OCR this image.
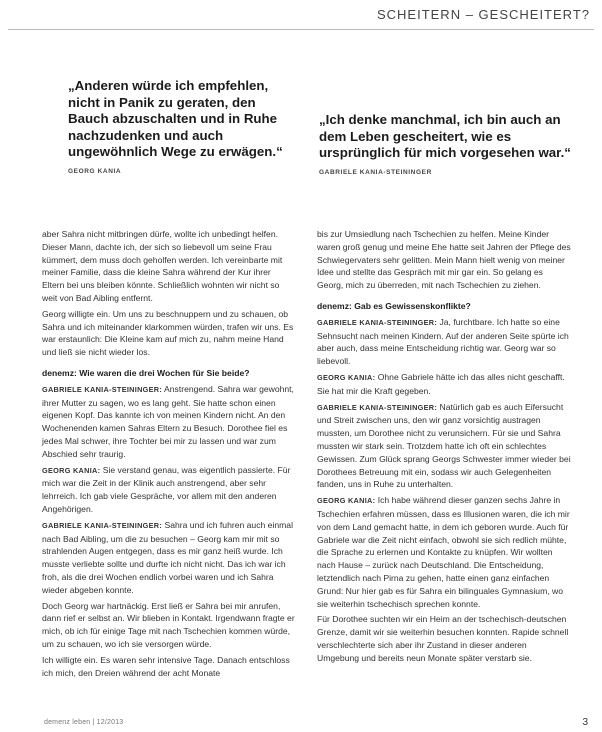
SCHEITERN – GESCHEITERT?
„Anderen würde ich empfehlen, nicht in Panik zu geraten, den Bauch abzuschalten und in Ruhe nachzudenken und auch ungewöhnlich Wege zu erwägen.“
GEORG KANIA
„Ich denke manchmal, ich bin auch an dem Leben gescheitert, wie es ursprünglich für mich vorgesehen war.“
GABRIELE KANIA-STEININGER

aber Sahra nicht mitbringen dürfe, wollte ich unbedingt helfen. Dieser Mann, dachte ich, der sich so liebevoll um seine Frau kümmert, dem muss doch geholfen werden. Ich vereinbarte mit meiner Familie, dass die kleine Sahra während der Kur ihrer Eltern bei uns bleiben könnte. Schließlich wohnten wir nicht so weit von Bad Aibling entfernt.

Georg willigte ein. Um uns zu beschnuppern und zu schauen, ob Sahra und ich miteinander klarkommen würden, trafen wir uns. Es war erstaunlich: Die Kleine kam auf mich zu, nahm meine Hand und ließ sie nicht wieder los.

denemz: Wie waren die drei Wochen für Sie beide?

GABRIELE KANIA-STEININGER: Anstrengend. Sahra war gewohnt, ihrer Mutter zu sagen, wo es lang geht. Sie hatte schon einen eigenen Kopf. Das kannte ich von meinen Kindern nicht. An den Wochenenden kamen Sahras Eltern zu Besuch. Dorothee fiel es jedes Mal schwer, ihre Tochter bei mir zu lassen und war zum Abschied sehr traurig.

GEORG KANIA: Sie verstand genau, was eigentlich passierte. Für mich war die Zeit in der Klinik auch anstrengend, aber sehr lehrreich. Ich gab viele Gespräche, vor allem mit den anderen Angehörigen.

GABRIELE KANIA-STEININGER: Sahra und ich fuhren auch einmal nach Bad Aibling, um die zu besuchen – Georg kam mir mit so strahlenden Augen entgegen, dass es mir ganz heiß wurde. Ich musste verliebte sollte und durfte ich nicht nicht. Das ich war ich froh, als die drei Wochen endlich vorbei waren und ich Sahra wieder abgeben konnte.

Doch Georg war hartnäckig. Erst ließ er Sahra bei mir anrufen, dann rief er selbst an. Wir blieben in Kontakt. Irgendwann fragte er mich, ob ich für einige Tage mit nach Tschechien kommen würde, um zu schauen, wo ich sie versorgen würde.

Ich willigte ein. Es waren sehr intensive Tage. Danach entschloss ich mich, den Dreien während der acht Monate

bis zur Umsiedlung nach Tschechien zu helfen. Meine Kinder waren groß genug und meine Ehe hatte seit Jahren der Pflege des Schwiegervaters sehr gelitten. Mein Mann hielt wenig von meiner Idee und stellte das Gespräch mit mir gar ein. So gelang es Georg, mich zu überreden, mit nach Tschechien zu ziehen.

denemz: Gab es Gewissenskonflikte?

GABRIELE KANIA-STEININGER: Ja, furchtbare. Ich hatte so eine Sehnsucht nach meinen Kindern. Auf der anderen Seite spürte ich aber auch, dass meine Entscheidung richtig war. Georg war so liebevoll.

GEORG KANIA: Ohne Gabriele hätte ich das alles nicht geschafft. Sie hat mir die Kraft gegeben.

GABRIELE KANIA-STEININGER: Natürlich gab es auch Eifersucht und Streit zwischen uns, den wir ganz vorsichtig austragen mussten, um Dorothee nicht zu verunsichern. Für sie und Sahra mussten wir stark sein. Trotzdem hatte ich oft ein schlechtes Gewissen. Zum Glück sprang Georgs Schwester immer wieder bei Dorothees Betreuung mit ein, sodass wir auch Gelegenheiten fanden, uns in Ruhe zu unterhalten.

GEORG KANIA: Ich habe während dieser ganzen sechs Jahre in Tschechien erfahren müssen, dass es Illusionen waren, die ich mir von dem Land gemacht hatte, in dem ich geboren wurde. Auch für Gabriele war die Zeit nicht einfach, obwohl sie sich redlich mühte, die Sprache zu erlernen und Kontakte zu knüpfen. Wir wollten nach Hause – zurück nach Deutschland. Die Entscheidung, letztendlich nach Pirna zu gehen, hatte einen ganz einfachen Grund: Nur hier gab es für Sahra ein bilinguales Gymnasium, wo sie weiterhin tschechisch sprechen konnte.

Für Dorothee suchten wir ein Heim an der tschechisch-deutschen Grenze, damit wir sie weiterhin besuchen konnten. Rapide schnell verschlechterte sich aber ihr Zustand in dieser anderen Umgebung und bereits neun Monate später verstarb sie.

demenz leben | 12/2013	3
